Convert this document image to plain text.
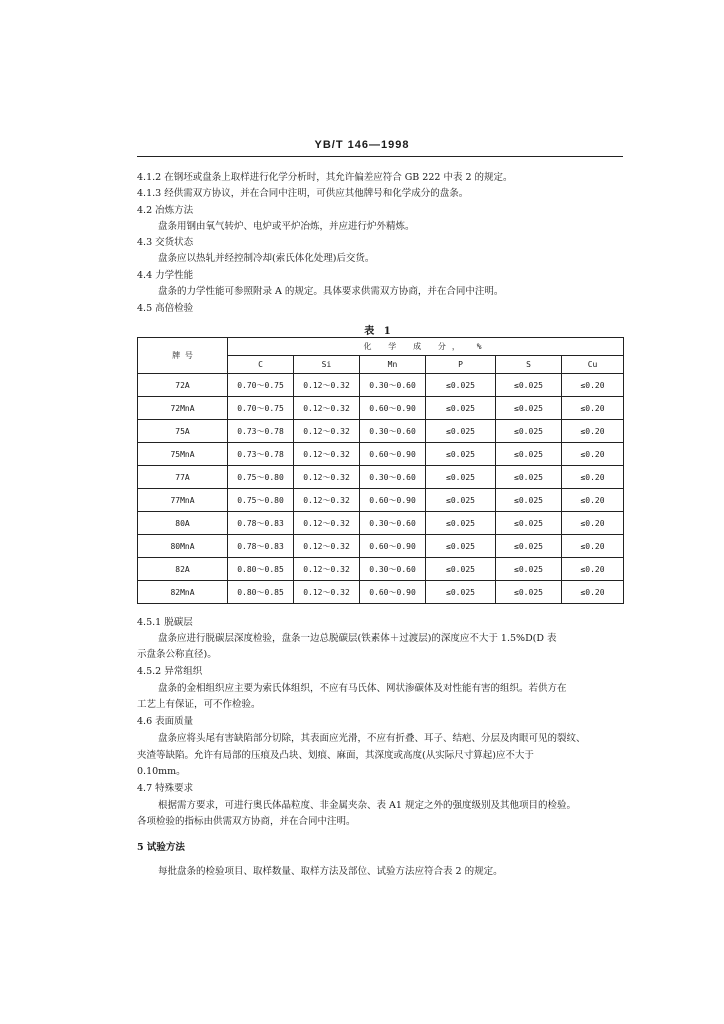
YB/T 146—1998
4.1.2 在钢坯或盘条上取样进行化学分析时，其允许偏差应符合 GB 222 中表 2 的规定。
4.1.3 经供需双方协议，并在合同中注明，可供应其他牌号和化学成分的盘条。
4.2 冶炼方法
盘条用钢由氧气转炉、电炉或平炉冶炼，并应进行炉外精炼。
4.3 交货状态
盘条应以热轧并经控制冷却(索氏体化处理)后交货。
4.4 力学性能
盘条的力学性能可参照附录 A 的规定。具体要求供需双方协商，并在合同中注明。
4.5 高倍检验
表 1
牌 号	化 学 成 分， %					
	C	Si	Mn	P	S	Cu
72A	0.70～0.75	0.12～0.32	0.30～0.60	≤0.025	≤0.025	≤0.20
72MnA	0.70～0.75	0.12～0.32	0.60～0.90	≤0.025	≤0.025	≤0.20
75A	0.73～0.78	0.12～0.32	0.30～0.60	≤0.025	≤0.025	≤0.20
75MnA	0.73～0.78	0.12～0.32	0.60～0.90	≤0.025	≤0.025	≤0.20
77A	0.75～0.80	0.12～0.32	0.30～0.60	≤0.025	≤0.025	≤0.20
77MnA	0.75～0.80	0.12～0.32	0.60～0.90	≤0.025	≤0.025	≤0.20
80A	0.78～0.83	0.12～0.32	0.30～0.60	≤0.025	≤0.025	≤0.20
80MnA	0.78～0.83	0.12～0.32	0.60～0.90	≤0.025	≤0.025	≤0.20
82A	0.80～0.85	0.12～0.32	0.30～0.60	≤0.025	≤0.025	≤0.20
82MnA	0.80～0.85	0.12～0.32	0.60～0.90	≤0.025	≤0.025	≤0.20
4.5.1 脱碳层
盘条应进行脱碳层深度检验，盘条一边总脱碳层(铁素体＋过渡层)的深度应不大于 1.5%D(D 表
示盘条公称直径)。
4.5.2 异常组织
盘条的金相组织应主要为索氏体组织，不应有马氏体、网状渗碳体及对性能有害的组织。若供方在
工艺上有保证，可不作检验。
4.6 表面质量
盘条应将头尾有害缺陷部分切除，其表面应光滑，不应有折叠、耳子、结疤、分层及肉眼可见的裂纹、
夹渣等缺陷。允许有局部的压痕及凸块、划痕、麻面，其深度或高度(从实际尺寸算起)应不大于
0.10mm。
4.7 特殊要求
根据需方要求，可进行奥氏体晶粒度、非金属夹杂、表 A1 规定之外的强度级别及其他项目的检验。
各项检验的指标由供需双方协商，并在合同中注明。
5 试验方法
每批盘条的检验项目、取样数量、取样方法及部位、试验方法应符合表 2 的规定。
